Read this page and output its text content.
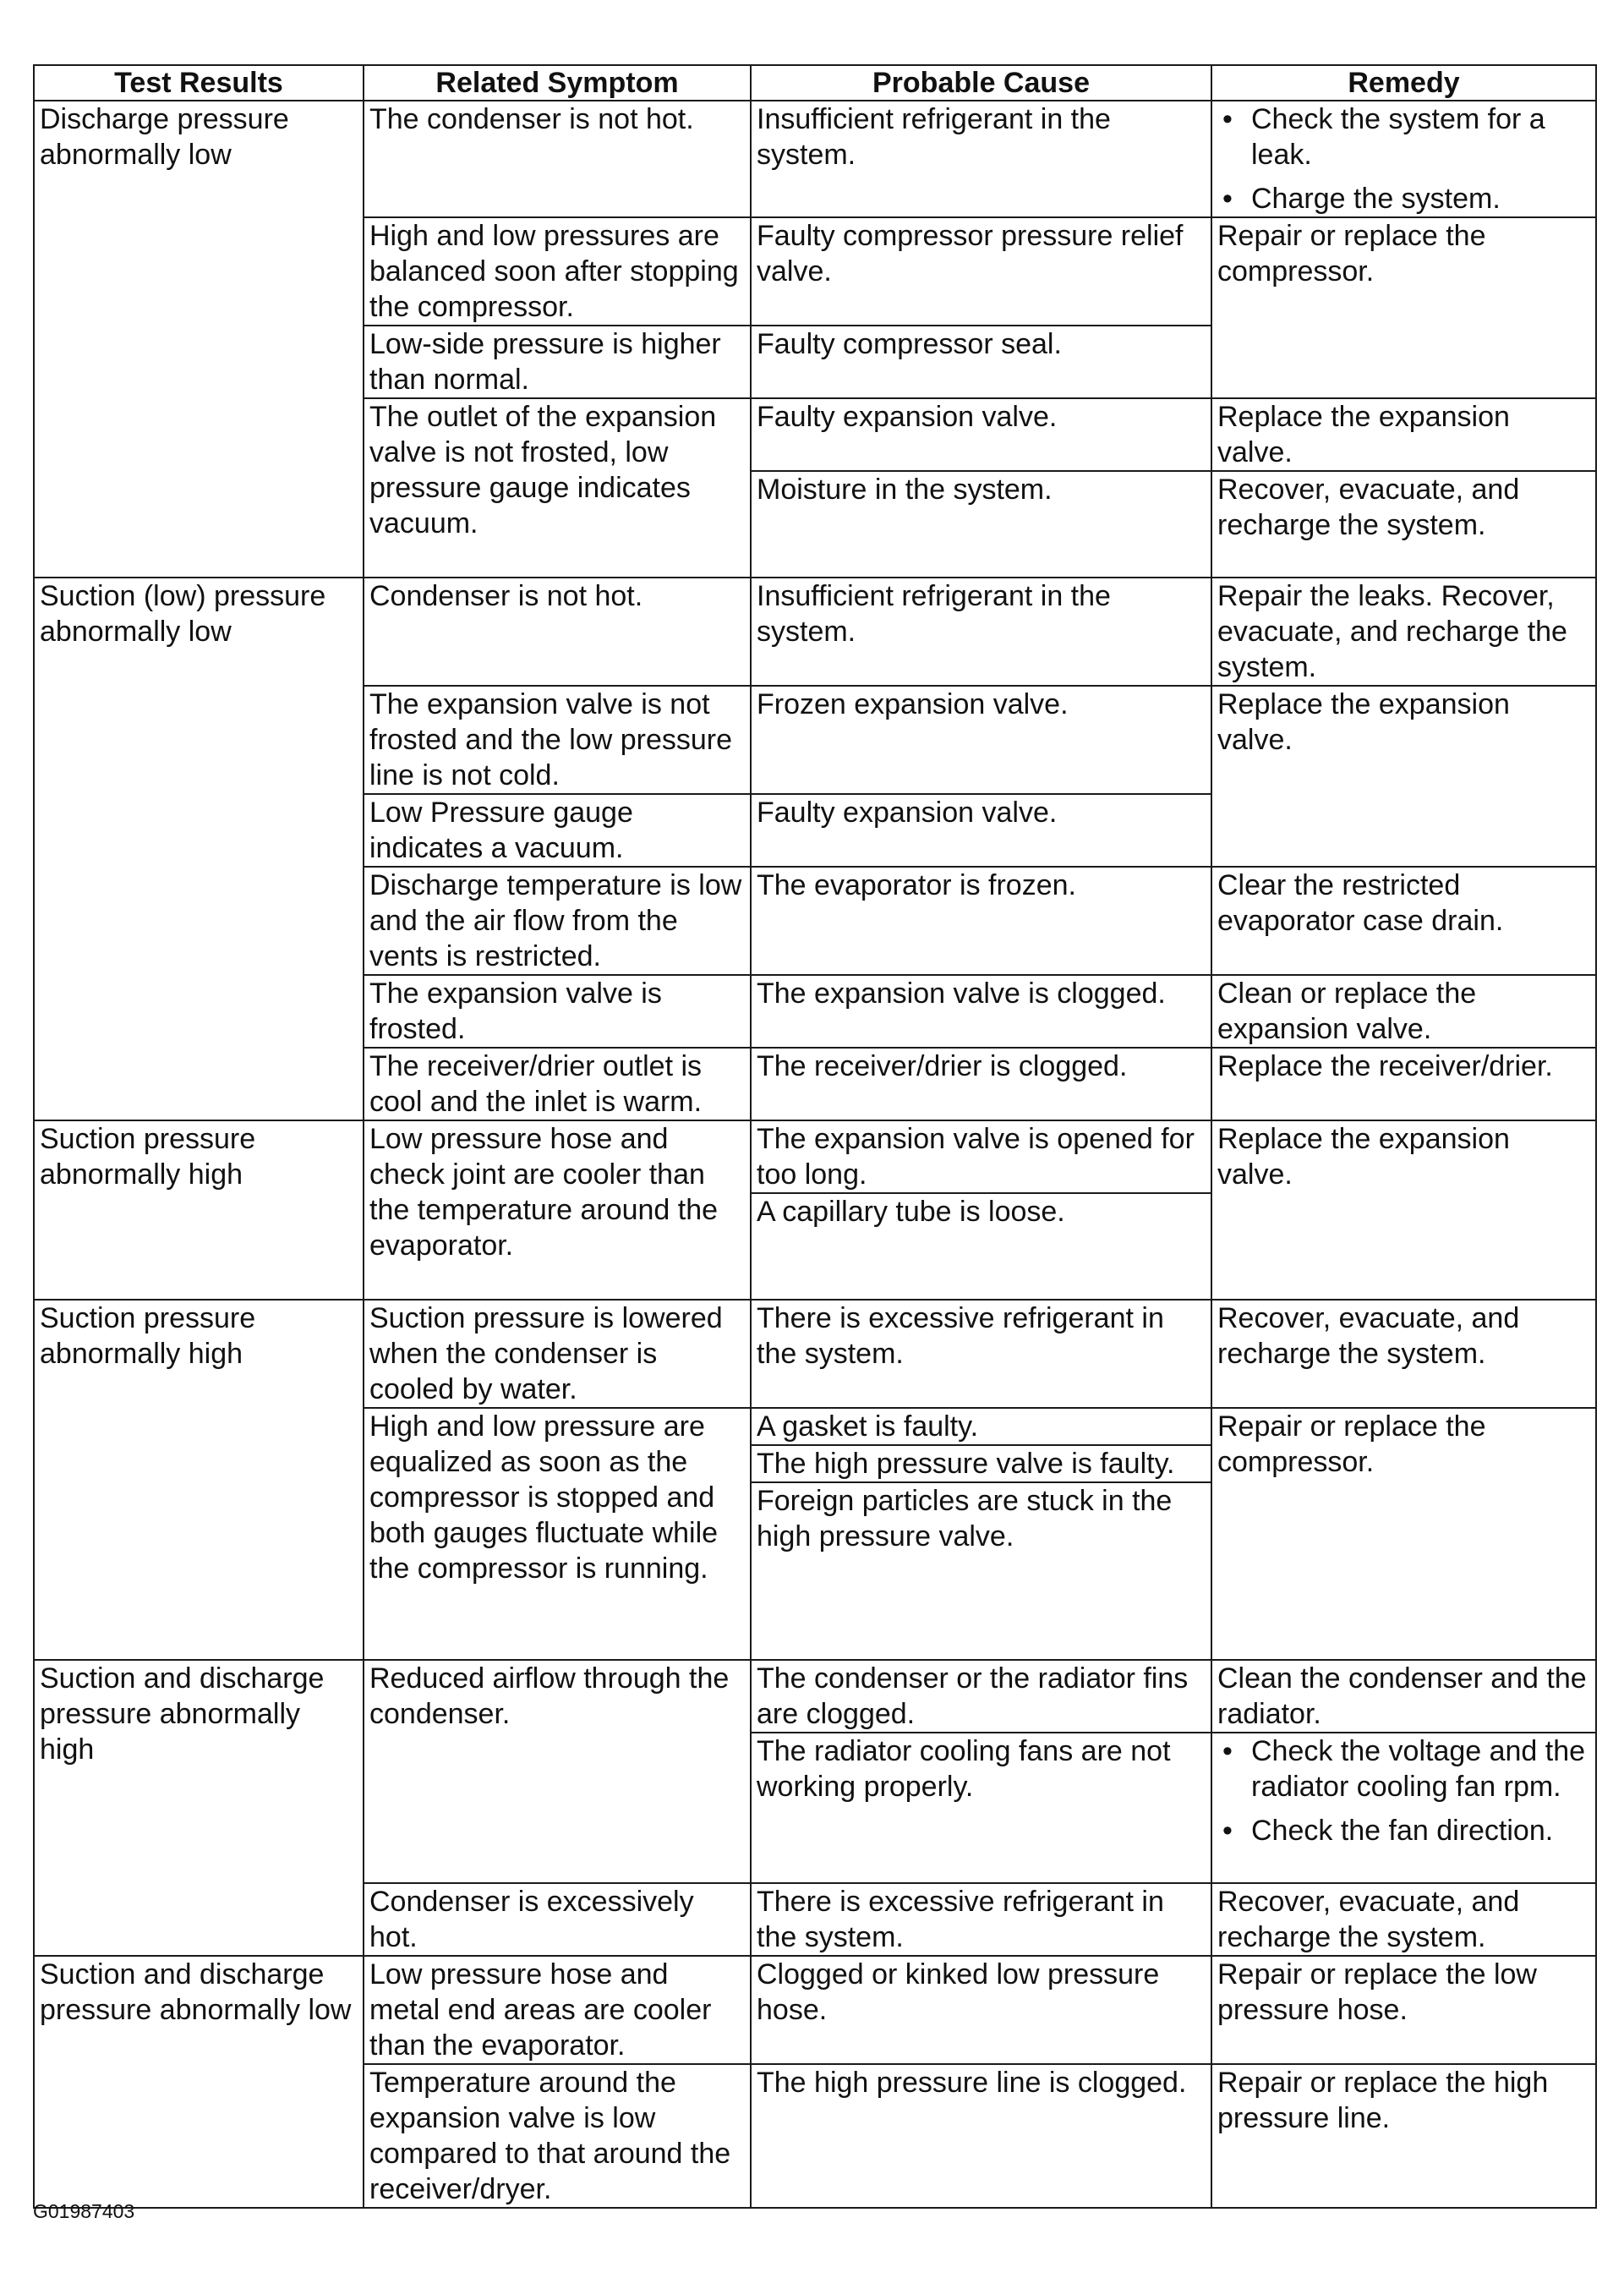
Test Results	Related Symptom	Probable Cause	Remedy
Discharge pressure abnormally low	The condenser is not hot.	Insufficient refrigerant in the system.	• Check the system for a leak.
• Charge the system.

	High and low pressures are balanced soon after stopping the compressor.	Faulty compressor pressure relief valve.	Repair or replace the compressor.
	Low-side pressure is higher than normal.	Faulty compressor seal.	
	The outlet of the expansion valve is not frosted, low pressure gauge indicates vacuum.	Faulty expansion valve.	Replace the expansion valve.
		Moisture in the system.	Recover, evacuate, and recharge the system.

Suction (low) pressure abnormally low	Condenser is not hot.	Insufficient refrigerant in the system.	Repair the leaks. Recover, evacuate, and recharge the system.
	The expansion valve is not frosted and the low pressure line is not cold.	Frozen expansion valve.	Replace the expansion valve.
	Low Pressure gauge indicates a vacuum.	Faulty expansion valve.	
	Discharge temperature is low and the air flow from the vents is restricted.	The evaporator is frozen.	Clear the restricted evaporator case drain.
	The expansion valve is frosted.	The expansion valve is clogged.	Clean or replace the expansion valve.
	The receiver/drier outlet is cool and the inlet is warm.	The receiver/drier is clogged.	Replace the receiver/drier.
Suction pressure abnormally high	Low pressure hose and check joint are cooler than the temperature around the evaporator.	The expansion valve is opened for too long.	Replace the expansion valve.
		A capillary tube is loose.	
Suction pressure abnormally high	Suction pressure is lowered when the condenser is cooled by water.	There is excessive refrigerant in the system.	Recover, evacuate, and recharge the system.
	High and low pressure are equalized as soon as the compressor is stopped and both gauges fluctuate while the compressor is running.	A gasket is faulty.	Repair or replace the compressor.
		The high pressure valve is faulty.	
		Foreign particles are stuck in the high pressure valve.	
Suction and discharge pressure abnormally high	Reduced airflow through the condenser.	The condenser or the radiator fins are clogged.	Clean the condenser and the radiator.
		The radiator cooling fans are not working properly.	• Check the voltage and the radiator cooling fan rpm.
• Check the fan direction.

	Condenser is excessively hot.	There is excessive refrigerant in the system.	Recover, evacuate, and recharge the system.
Suction and discharge pressure abnormally low	Low pressure hose and metal end areas are cooler than the evaporator.	Clogged or kinked low pressure hose.	Repair or replace the low pressure hose.
	Temperature around the expansion valve is low compared to that around the receiver/dryer.	The high pressure line is clogged.	Repair or replace the high pressure line.
G01987403
